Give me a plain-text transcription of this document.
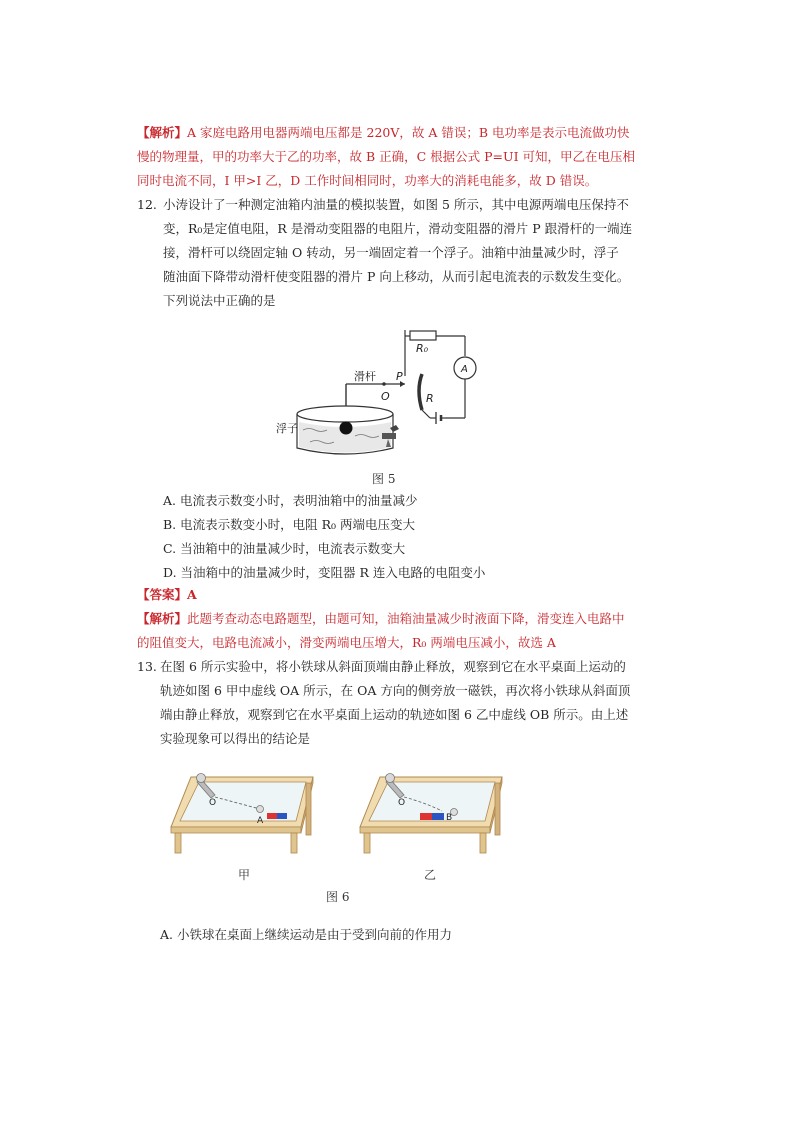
【解析】A 家庭电路用电器两端电压都是 220V，故 A 错误；B 电功率是表示电流做功快
慢的物理量，甲的功率大于乙的功率，故 B 正确，C 根据公式 P=UI 可知，甲乙在电压相
同时电流不同，I 甲>I 乙，D 工作时间相同时，功率大的消耗电能多，故 D 错误。
12. 小涛设计了一种测定油箱内油量的模拟装置，如图 5 所示，其中电源两端电压保持不
变，R₀是定值电阻，R 是滑动变阻器的电阻片，滑动变阻器的滑片 P 跟滑杆的一端连
接，滑杆可以绕固定轴 O 转动，另一端固定着一个浮子。油箱中油量减少时，浮子
随油面下降带动滑杆使变阻器的滑片 P 向上移动，从而引起电流表的示数发生变化。
下列说法中正确的是
滑杆
浮子
R₀
A
P
O	R
图 5
A. 电流表示数变小时，表明油箱中的油量减少
B. 电流表示数变小时，电阻 R₀ 两端电压变大
C. 当油箱中的油量减少时，电流表示数变大
D. 当油箱中的油量减少时，变阻器 R 连入电路的电阻变小
【答案】A
【解析】此题考查动态电路题型，由题可知，油箱油量减少时液面下降，滑变连入电路中
的阻值变大，电路电流减小，滑变两端电压增大，R₀ 两端电压减小，故选 A
13. 在图 6 所示实验中，将小铁球从斜面顶端由静止释放，观察到它在水平桌面上运动的
轨迹如图 6 甲中虚线 OA 所示，在 OA 方向的侧旁放一磁铁，再次将小铁球从斜面顶
端由静止释放，观察到它在水平桌面上运动的轨迹如图 6 乙中虚线 OB 所示。由上述
实验现象可以得出的结论是
O
A
O
B
甲	乙
图 6
A. 小铁球在桌面上继续运动是由于受到向前的作用力
